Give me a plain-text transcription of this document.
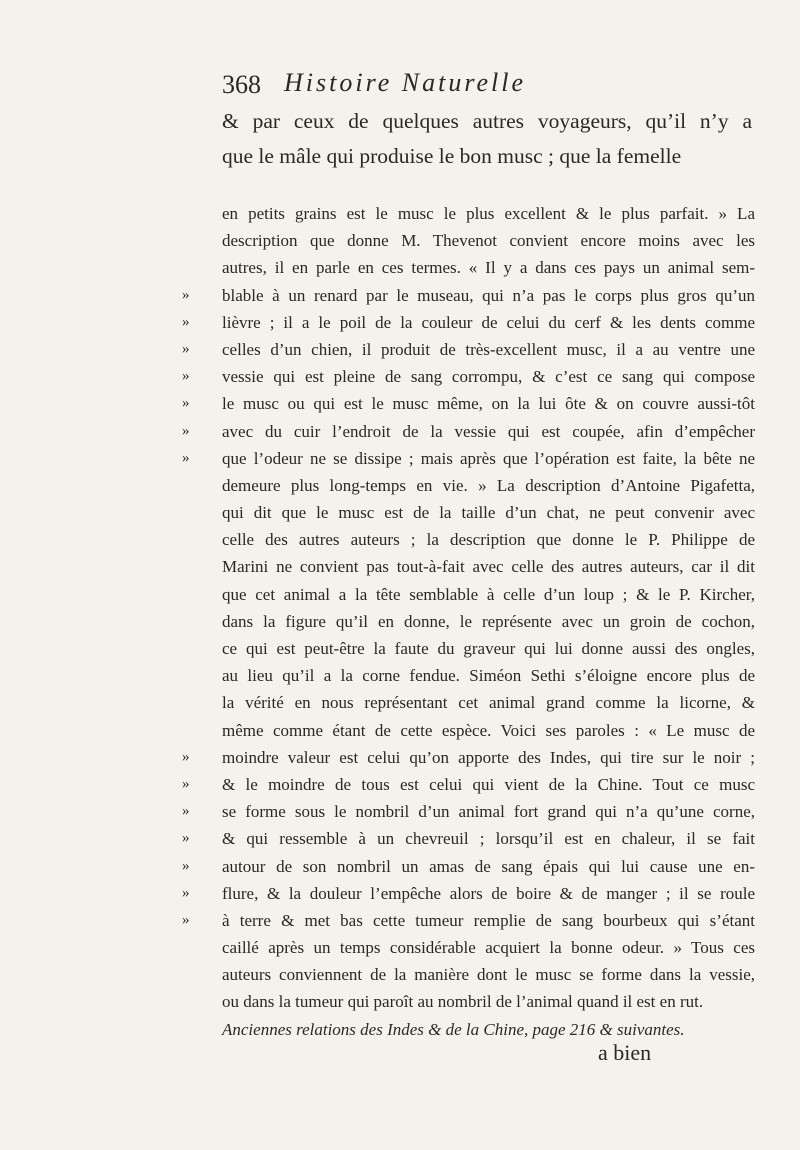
368 Histoire Naturelle
& par ceux de quelques autres voyageurs, qu’il n’y a
que le mâle qui produise le bon musc ; que la femelle
en petits grains est le musc le plus excellent & le plus parfait. » La
description que donne M. Thevenot convient encore moins avec les
autres, il en parle en ces termes. « Il y a dans ces pays un animal sem-
»	blable à un renard par le museau, qui n’a pas le corps plus gros qu’un
»	lièvre ; il a le poil de la couleur de celui du cerf & les dents comme
»	celles d’un chien, il produit de très-excellent musc, il a au ventre une
»	vessie qui est pleine de sang corrompu, & c’est ce sang qui compose
»	le musc ou qui est le musc même, on la lui ôte & on couvre aussi-tôt
»	avec du cuir l’endroit de la vessie qui est coupée, afin d’empêcher
»	que l’odeur ne se dissipe ; mais après que l’opération est faite, la bête ne
demeure plus long-temps en vie. » La description d’Antoine Pigafetta,
qui dit que le musc est de la taille d’un chat, ne peut convenir avec
celle des autres auteurs ; la description que donne le P. Philippe de
Marini ne convient pas tout-à-fait avec celle des autres auteurs, car il dit
que cet animal a la tête semblable à celle d’un loup ; & le P. Kircher,
dans la figure qu’il en donne, le représente avec un groin de cochon,
ce qui est peut-être la faute du graveur qui lui donne aussi des ongles,
au lieu qu’il a la corne fendue. Siméon Sethi s’éloigne encore plus de
la vérité en nous représentant cet animal grand comme la licorne, &
même comme étant de cette espèce. Voici ses paroles : « Le musc de
»	moindre valeur est celui qu’on apporte des Indes, qui tire sur le noir ;
»	& le moindre de tous est celui qui vient de la Chine. Tout ce musc
»	se forme sous le nombril d’un animal fort grand qui n’a qu’une corne,
»	& qui ressemble à un chevreuil ; lorsqu’il est en chaleur, il se fait
»	autour de son nombril un amas de sang épais qui lui cause une en-
»	flure, & la douleur l’empêche alors de boire & de manger ; il se roule
»	à terre & met bas cette tumeur remplie de sang bourbeux qui s’étant
caillé après un temps considérable acquiert la bonne odeur. » Tous ces
auteurs conviennent de la manière dont le musc se forme dans la vessie,
ou dans la tumeur qui paroît au nombril de l’animal quand il est en rut.
Anciennes relations des Indes & de la Chine, page 216 & suivantes.
a bien
